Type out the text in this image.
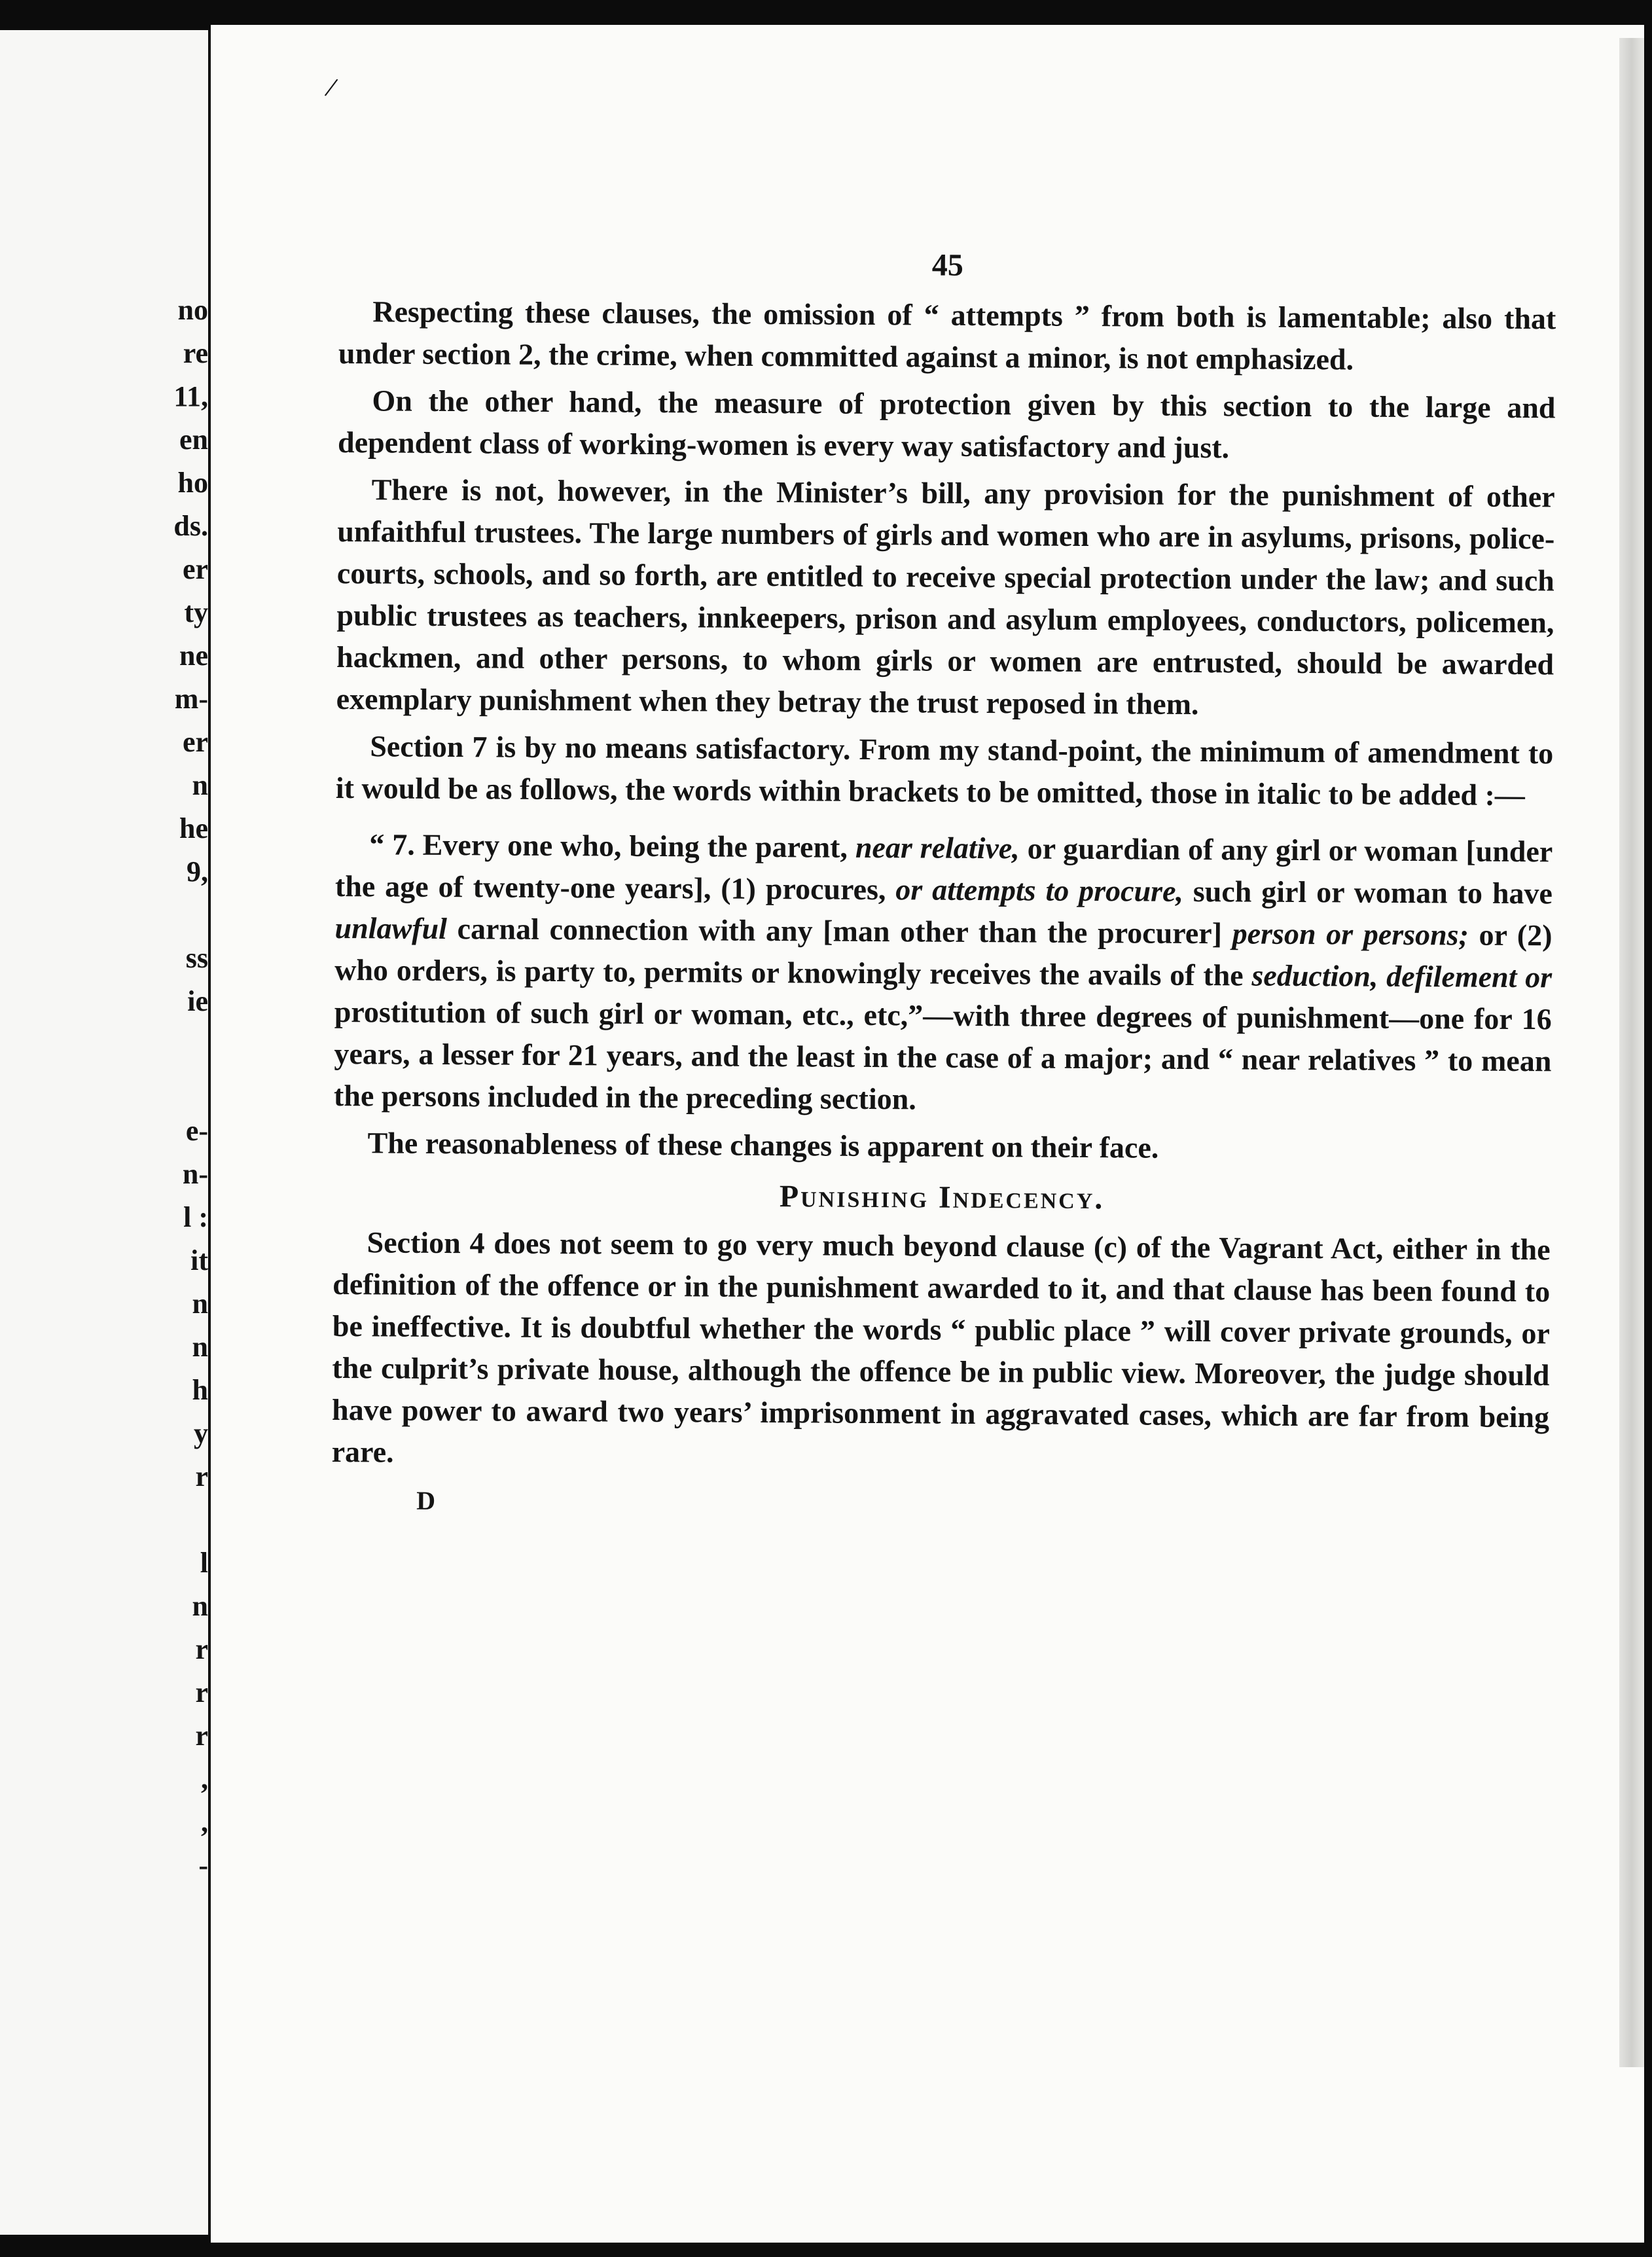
no
re
11,
en
ho
ds.
er
ty
ne
m-
er
n
he
9,
ss
ie
e-
n-
l :
it
n
n
h
y
r
l
n
r
r
r
,
,
-
/
45

Respecting these clauses, the omission of “ attempts ” from both is lamentable; also that under section 2, the crime, when committed against a minor, is not emphasized.

On the other hand, the measure of protection given by this section to the large and dependent class of working-women is every way satisfactory and just.

There is not, however, in the Minister’s bill, any provision for the punishment of other unfaithful trustees. The large numbers of girls and women who are in asylums, prisons, police-courts, schools, and so forth, are entitled to receive special protection under the law; and such public trustees as teachers, innkeepers, prison and asylum employees, conductors, policemen, hackmen, and other persons, to whom girls or women are entrusted, should be awarded exemplary punishment when they betray the trust reposed in them.

Section 7 is by no means satisfactory. From my stand-point, the minimum of amendment to it would be as follows, the words within brackets to be omitted, those in italic to be added :—

“ 7. Every one who, being the parent, near relative, or guardian of any girl or woman [under the age of twenty-one years], (1) procures, or attempts to procure, such girl or woman to have unlawful carnal connection with any [man other than the procurer] person or persons; or (2) who orders, is party to, permits or knowingly receives the avails of the seduction, defilement or prostitution of such girl or woman, etc., etc,”—with three degrees of punishment—one for 16 years, a lesser for 21 years, and the least in the case of a major; and “ near relatives ” to mean the persons included in the preceding section.

The reasonableness of these changes is apparent on their face.

Punishing Indecency.

Section 4 does not seem to go very much beyond clause (c) of the Vagrant Act, either in the definition of the offence or in the punishment awarded to it, and that clause has been found to be ineffective. It is doubtful whether the words “ public place ” will cover private grounds, or the culprit’s private house, although the offence be in public view. Moreover, the judge should have power to award two years’ imprisonment in aggravated cases, which are far from being rare.

D
